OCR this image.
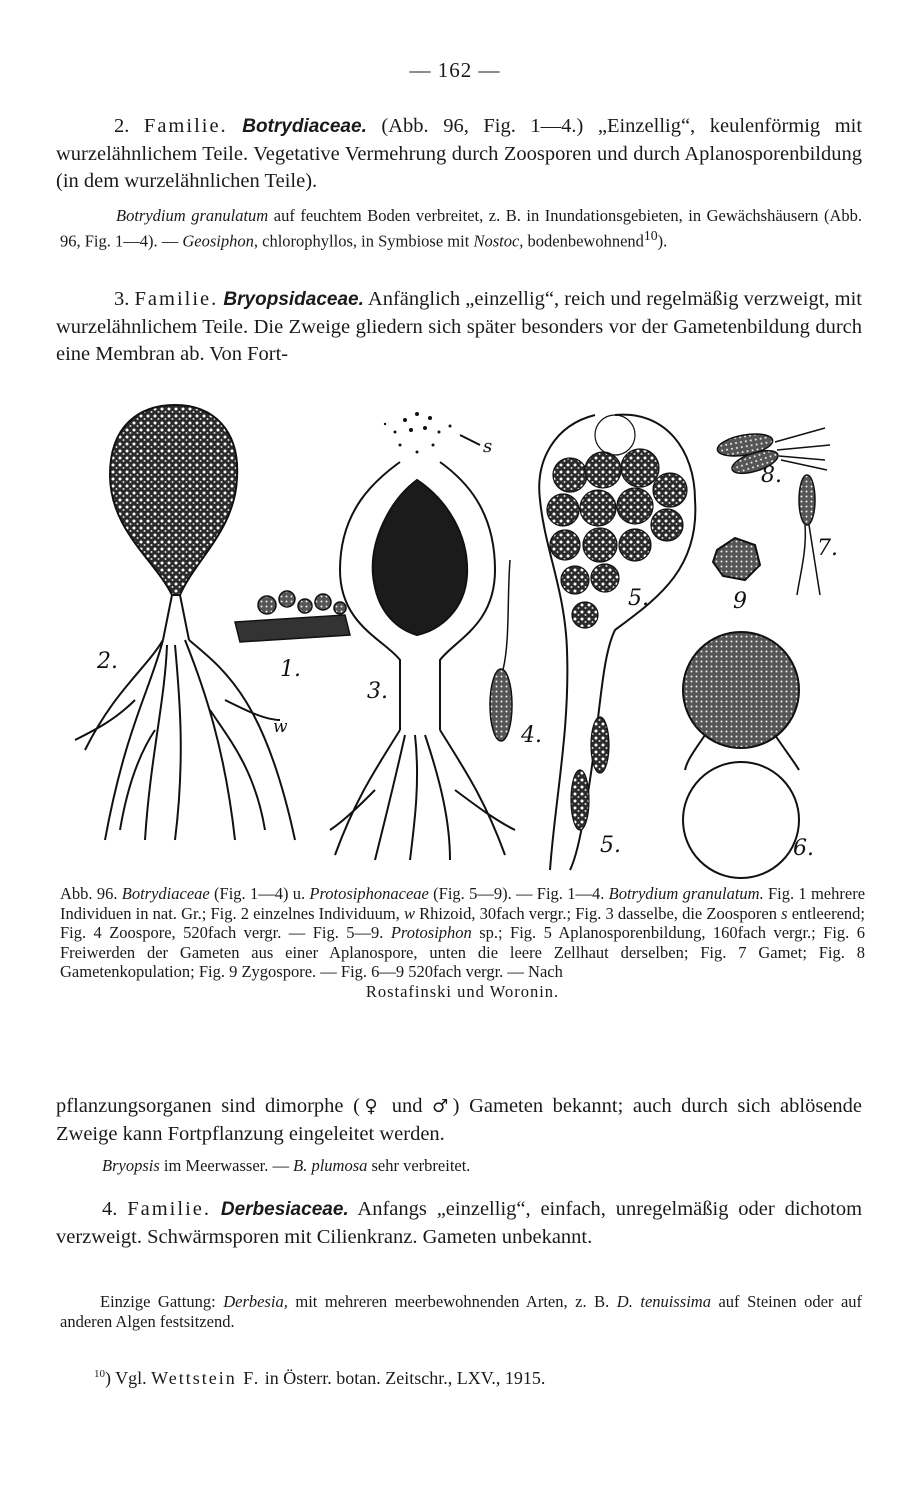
— 162 —

2. Familie. Botrydiaceae. (Abb. 96, Fig. 1—4.) „Einzellig“, keulenförmig mit wurzelähnlichem Teile. Vegetative Vermehrung durch Zoosporen und durch Aplanosporenbildung (in dem wurzelähnlichen Teile).

Botrydium granulatum auf feuchtem Boden verbreitet, z. B. in Inundationsgebieten, in Gewächshäusern (Abb. 96, Fig. 1—4). — Geosiphon, chlorophyllos, in Symbiose mit Nostoc, bodenbewohnend$^{10}$).

3. Familie. Bryopsidaceae. Anfänglich „einzellig“, reich und regelmäßig verzweigt, mit wurzelähnlichem Teile. Die Zweige gliedern sich später besonders vor der Gametenbildung durch eine Membran ab. Von Fort-

2.	1.
w
3.
s
4.
5.
5.	6.
7.
8.
9

Abb. 96. Botrydiaceae (Fig. 1—4) u. Protosiphonaceae (Fig. 5—9). — Fig. 1—4. Botrydium granulatum. Fig. 1 mehrere Individuen in nat. Gr.; Fig. 2 einzelnes Individuum, w Rhizoid, 30fach vergr.; Fig. 3 dasselbe, die Zoosporen s entleerend; Fig. 4 Zoospore, 520fach vergr. — Fig. 5—9. Protosiphon sp.; Fig. 5 Aplanosporenbildung, 160fach vergr.; Fig. 6 Freiwerden der Gameten aus einer Aplanospore, unten die leere Zellhaut derselben; Fig. 7 Gamet; Fig. 8 Gametenkopulation; Fig. 9 Zygospore. — Fig. 6—9 520fach vergr. — Nach
Rostafinski und Woronin.

pflanzungsorganen sind dimorphe (♀ und ♂) Gameten bekannt; auch durch sich ablösende Zweige kann Fortpflanzung eingeleitet werden.

Bryopsis im Meerwasser. — B. plumosa sehr verbreitet.

4. Familie. Derbesiaceae. Anfangs „einzellig“, einfach, unregelmäßig oder dichotom verzweigt. Schwärmsporen mit Cilienkranz. Gameten unbekannt.

Einzige Gattung: Derbesia, mit mehreren meerbewohnenden Arten, z. B. D. tenuissima auf Steinen oder auf anderen Algen festsitzend.

$^{10}$) Vgl. Wettstein F. in Österr. botan. Zeitschr., LXV., 1915.
